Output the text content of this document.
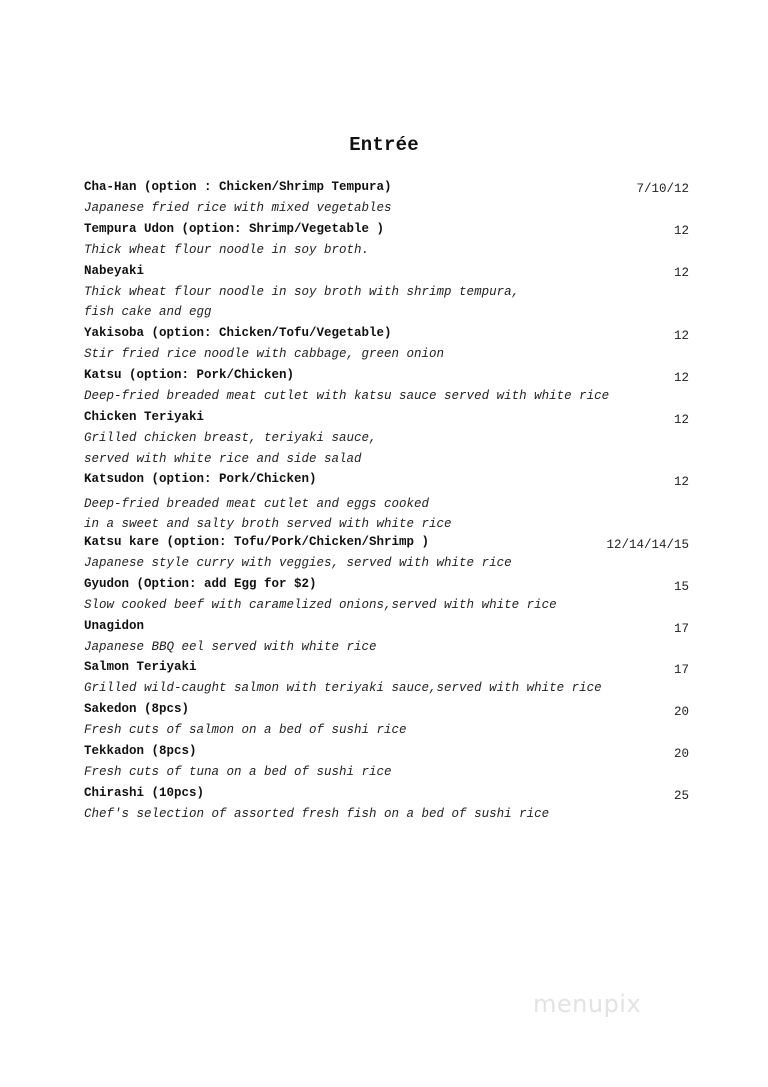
Entrée
Cha-Han (option : Chicken/Shrimp Tempura)	7/10/12
Japanese fried rice with mixed vegetables
Tempura Udon (option: Shrimp/Vegetable )	12
Thick wheat flour noodle in soy broth.
Nabeyaki	12
Thick wheat flour noodle in soy broth with shrimp tempura,
fish cake and egg
Yakisoba (option: Chicken/Tofu/Vegetable)	12
Stir fried rice noodle with cabbage, green onion
Katsu (option: Pork/Chicken)	12
Deep-fried breaded meat cutlet with katsu sauce served with white rice
Chicken Teriyaki	12
Grilled chicken breast, teriyaki sauce,
served with white rice and side salad
Katsudon (option: Pork/Chicken)	12
Deep-fried breaded meat cutlet and eggs cooked
in a sweet and salty broth served with white rice
Katsu kare (option: Tofu/Pork/Chicken/Shrimp )	12/14/14/15
Japanese style curry with veggies, served with white rice
Gyudon (Option: add Egg for $2)	15
Slow cooked beef with caramelized onions,served with white rice
Unagidon	17
Japanese BBQ eel served with white rice
Salmon Teriyaki	17
Grilled wild-caught salmon with teriyaki sauce,served with white rice
Sakedon (8pcs)	20
Fresh cuts of salmon on a bed of sushi rice
Tekkadon (8pcs)	20
Fresh cuts of tuna on a bed of sushi rice
Chirashi (10pcs)	25
Chef's selection of assorted fresh fish on a bed of sushi rice
menupix
